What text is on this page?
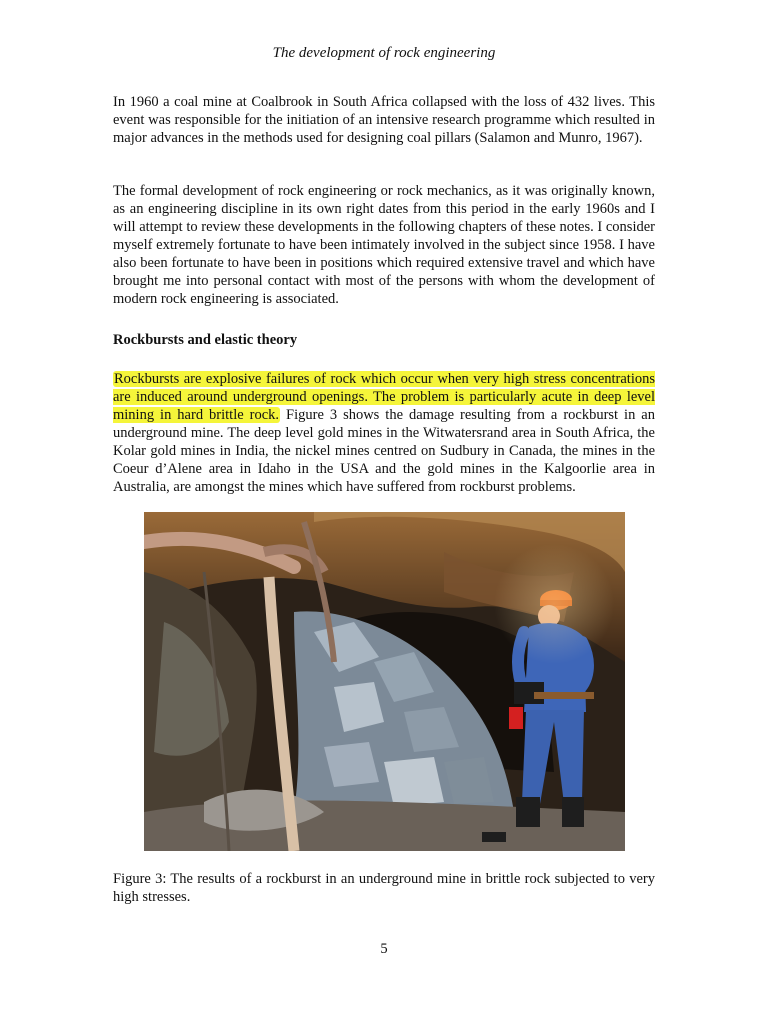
The development of rock engineering

In 1960 a coal mine at Coalbrook in South Africa collapsed with the loss of 432 lives. This event was responsible for the initiation of an intensive research programme which resulted in major advances in the methods used for designing coal pillars (Salamon and Munro, 1967).

The formal development of rock engineering or rock mechanics, as it was originally known, as an engineering discipline in its own right dates from this period in the early 1960s and I will attempt to review these developments in the following chapters of these notes. I consider myself extremely fortunate to have been intimately involved in the subject since 1958. I have also been fortunate to have been in positions which required extensive travel and which have brought me into personal contact with most of the persons with whom the development of modern rock engineering is associated.

Rockbursts and elastic theory

Rockbursts are explosive failures of rock which occur when very high stress concentrations are induced around underground openings. The problem is particularly acute in deep level mining in hard brittle rock. Figure 3 shows the damage resulting from a rockburst in an underground mine. The deep level gold mines in the Witwatersrand area in South Africa, the Kolar gold mines in India, the nickel mines centred on Sudbury in Canada, the mines in the Coeur d’Alene area in Idaho in the USA and the gold mines in the Kalgoorlie area in Australia, are amongst the mines which have suffered from rockburst problems.

Figure 3: The results of a rockburst in an underground mine in brittle rock subjected to very high stresses.

5
